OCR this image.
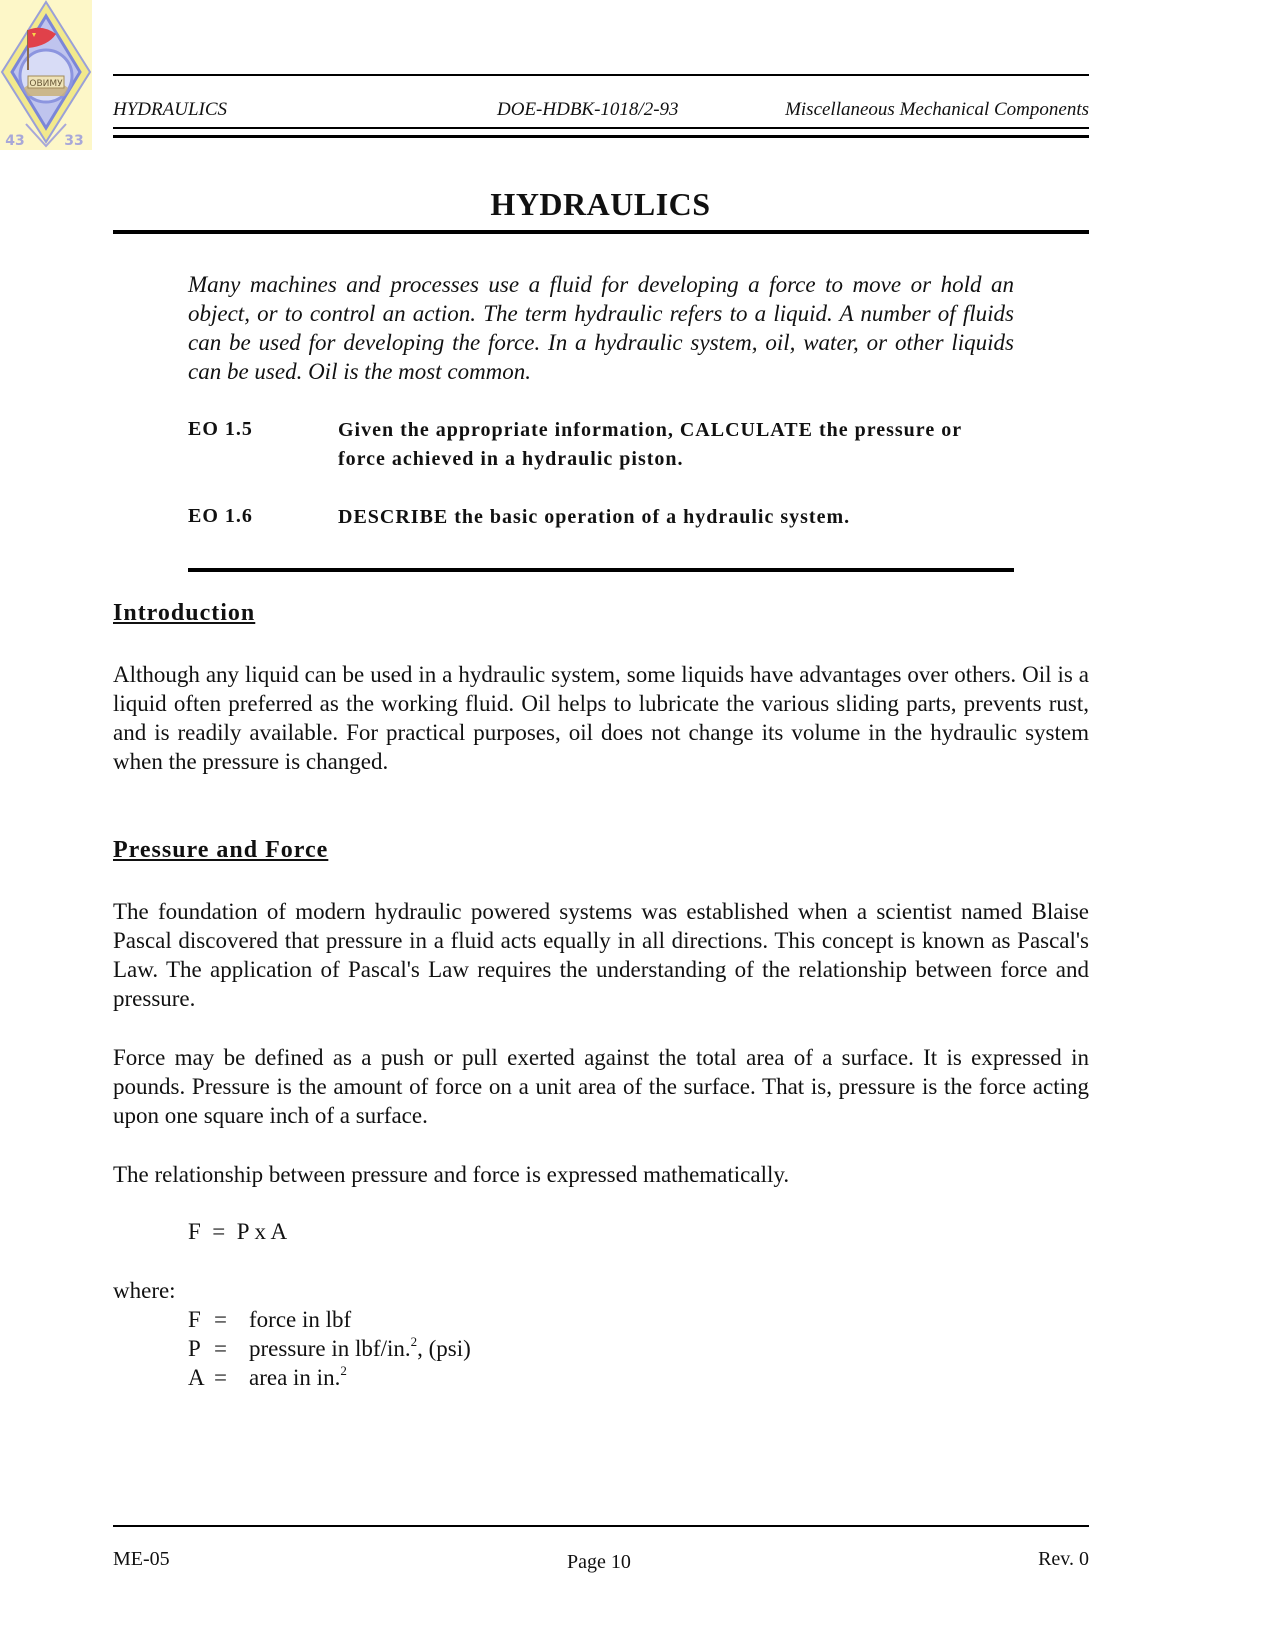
ОВИМУ
43	33
HYDRAULICS	DOE-HDBK-1018/2-93	Miscellaneous Mechanical Components
HYDRAULICS
Many machines and processes use a fluid for developing a force to move or hold an object, or to control an action. The term hydraulic refers to a liquid. A number of fluids can be used for developing the force. In a hydraulic system, oil, water, or other liquids can be used. Oil is the most common.
EO 1.5	Given the appropriate information, CALCULATE the pressure or force achieved in a hydraulic piston.
EO 1.6	DESCRIBE the basic operation of a hydraulic system.
Introduction
Although any liquid can be used in a hydraulic system, some liquids have advantages over others. Oil is a liquid often preferred as the working fluid. Oil helps to lubricate the various sliding parts, prevents rust, and is readily available. For practical purposes, oil does not change its volume in the hydraulic system when the pressure is changed.
Pressure and Force
The foundation of modern hydraulic powered systems was established when a scientist named Blaise Pascal discovered that pressure in a fluid acts equally in all directions. This concept is known as Pascal's Law. The application of Pascal's Law requires the understanding of the relationship between force and pressure.
Force may be defined as a push or pull exerted against the total area of a surface. It is expressed in pounds. Pressure is the amount of force on a unit area of the surface. That is, pressure is the force acting upon one square inch of a surface.
The relationship between pressure and force is expressed mathematically.
F = P x A
where:
F = force in lbf
P = pressure in lbf/in.$^2$, (psi)
A = area in in.$^2$
ME-05	Page 10	Rev. 0
